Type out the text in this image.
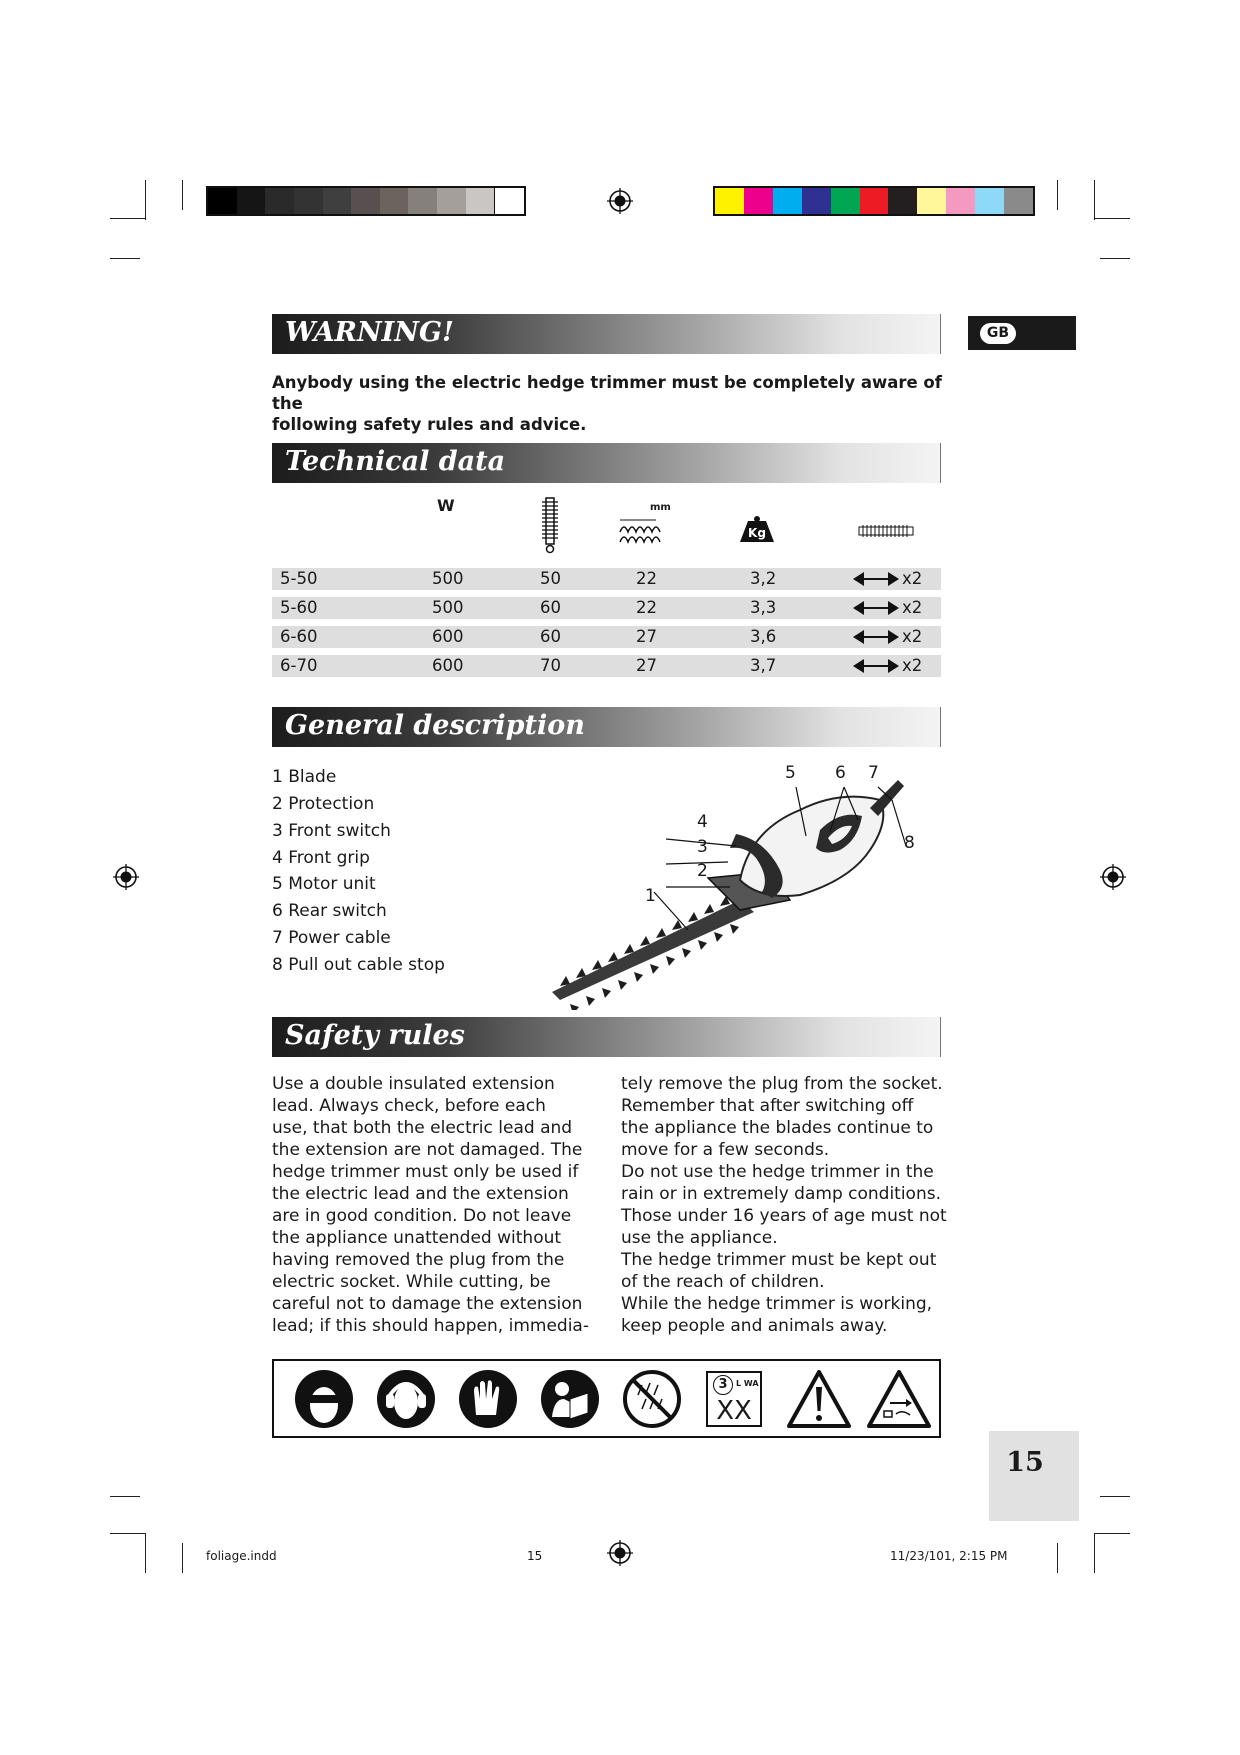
GB
WARNING!
Anybody using the electric hedge trimmer must be completely aware of the
following safety rules and advice.
Technical data
W	mm
Kg
5-50	500	50	22	3,2	x2
5-60	500	60	22	3,3	x2
6-60	600	60	27	3,6	x2
6-70	600	70	27	3,7	x2
General description
1 Blade
2 Protection
3 Front switch
4 Front grip
5 Motor unit
6 Rear switch
7 Power cable
8 Pull out cable stop
1
2
3
4
5 6 7
8
Safety rules
Use a double insulated extension
lead. Always check, before each
use, that both the electric lead and
the extension are not damaged. The
hedge trimmer must only be used if
the electric lead and the extension
are in good condition. Do not leave
the appliance unattended without
having removed the plug from the
electric socket. While cutting, be
careful not to damage the extension
lead; if this should happen, immedia-
tely remove the plug from the socket.
Remember that after switching off
the appliance the blades continue to
move for a few seconds.
Do not use the hedge trimmer in the
rain or in extremely damp conditions.
Those under 16 years of age must not
use the appliance.
The hedge trimmer must be kept out
of the reach of children.
While the hedge trimmer is working,
keep people and animals away.
3	L WA
XX
15
foliage.indd	15	11/23/101, 2:15 PM
